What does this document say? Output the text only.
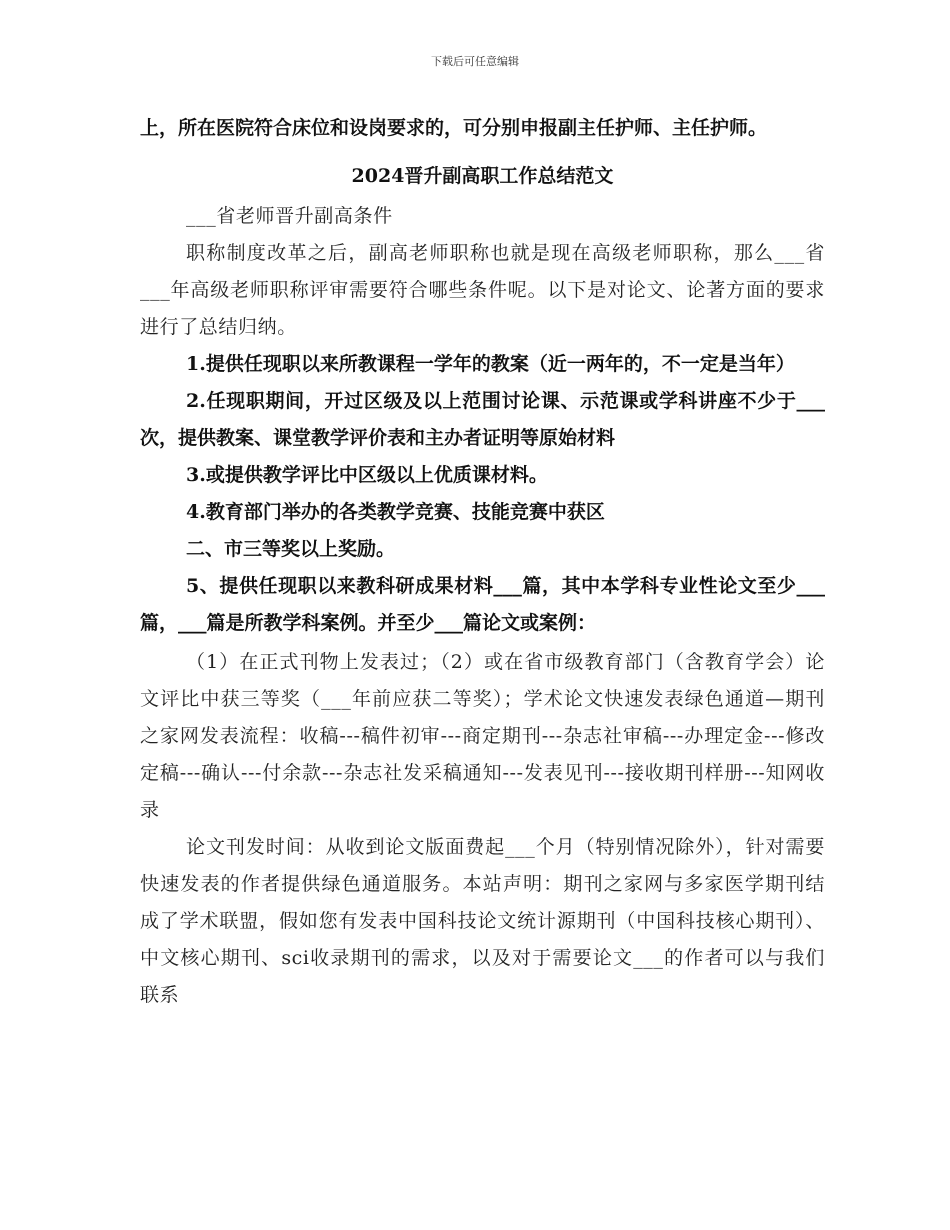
下载后可任意编辑

上，所在医院符合床位和设岗要求的，可分别申报副主任护师、主任护师。

2024晋升副高职工作总结范文

___省老师晋升副高条件

职称制度改革之后，副高老师职称也就是现在高级老师职称，那么___省___年高级老师职称评审需要符合哪些条件呢。以下是对论文、论著方面的要求进行了总结归纳。

1.提供任现职以来所教课程一学年的教案（近一两年的，不一定是当年）

2.任现职期间，开过区级及以上范围讨论课、示范课或学科讲座不少于___次，提供教案、课堂教学评价表和主办者证明等原始材料

3.或提供教学评比中区级以上优质课材料。

4.教育部门举办的各类教学竞赛、技能竞赛中获区

二、市三等奖以上奖励。

5、提供任现职以来教科研成果材料___篇，其中本学科专业性论文至少___篇，___篇是所教学科案例。并至少___篇论文或案例：

（1）在正式刊物上发表过；（2）或在省市级教育部门（含教育学会）论文评比中获三等奖（___年前应获二等奖）；学术论文快速发表绿色通道—期刊之家网发表流程：收稿---稿件初审---商定期刊---杂志社审稿---办理定金---修改定稿---确认---付余款---杂志社发采稿通知---发表见刊---接收期刊样册---知网收录

论文刊发时间：从收到论文版面费起___个月（特别情况除外），针对需要快速发表的作者提供绿色通道服务。本站声明：期刊之家网与多家医学期刊结成了学术联盟，假如您有发表中国科技论文统计源期刊（中国科技核心期刊）、中文核心期刊、sci收录期刊的需求，以及对于需要论文___的作者可以与我们联系
